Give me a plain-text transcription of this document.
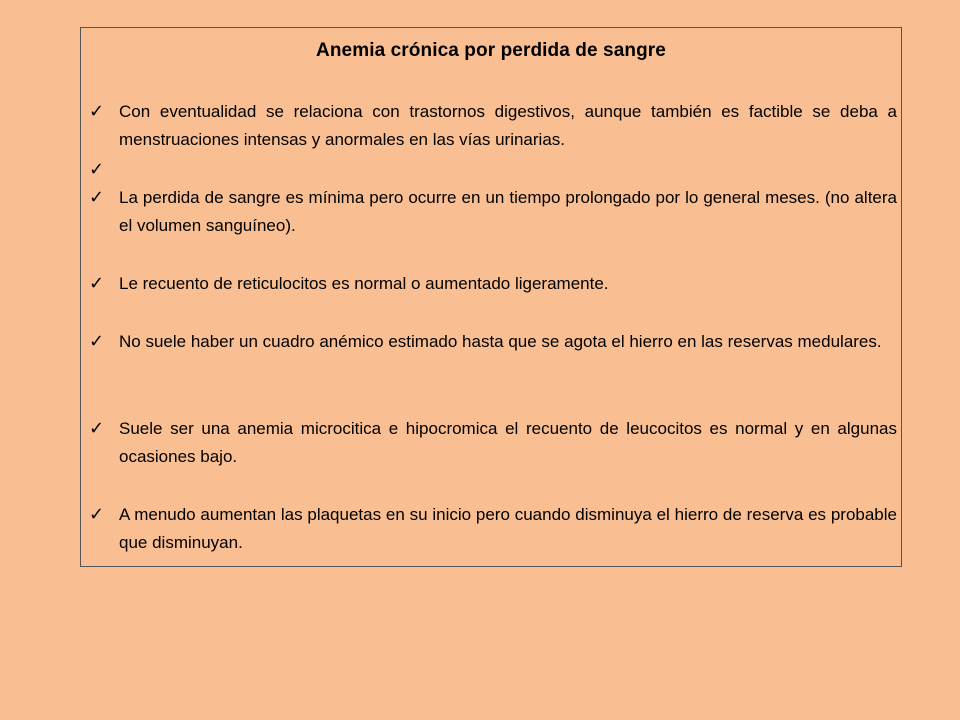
Anemia crónica por perdida de sangre
✓ Con eventualidad se relaciona con trastornos digestivos, aunque también es factible se deba a menstruaciones intensas y anormales en las vías urinarias.
✓
✓ La perdida de sangre es mínima pero ocurre en un tiempo prolongado por lo general meses. (no altera el volumen sanguíneo).
✓ Le recuento de reticulocitos es normal o aumentado ligeramente.
✓ No suele haber un cuadro anémico estimado hasta que se agota el hierro en las reservas medulares.
✓ Suele ser una anemia microcitica e hipocromica el recuento de leucocitos es normal y en algunas ocasiones bajo.
✓ A menudo aumentan las plaquetas en su inicio pero cuando disminuya el hierro de reserva es probable que disminuyan.
